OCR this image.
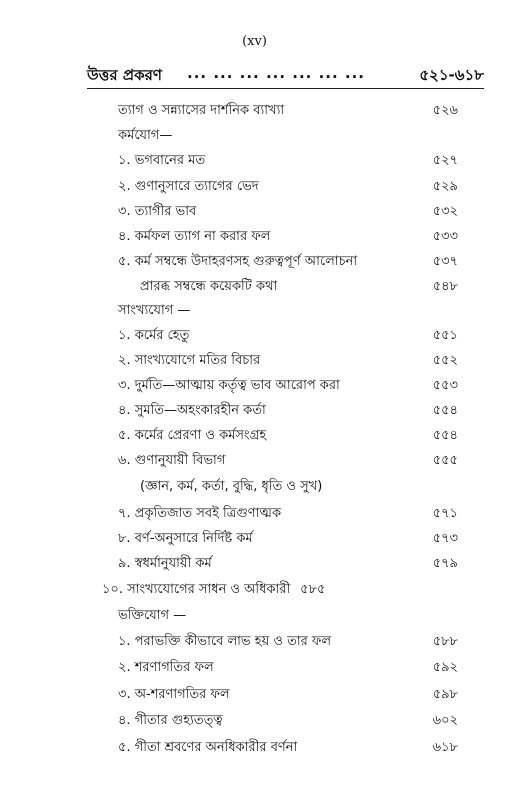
(xv)
উত্তর প্রকরণ ... ... ... ... ... ... ...	৫২১-৬১৮
ত্যাগ ও সন্ন্যাসের দার্শনিক ব্যাখ্যা	৫২৬
কর্মযোগ—
১. ভগবানের মত	৫২৭
২. গুণানুসারে ত্যাগের ভেদ	৫২৯
৩. ত্যাগীর ভাব	৫৩২
৪. কর্মফল ত্যাগ না করার ফল	৫৩৩
৫. কর্ম সম্বন্ধে উদাহরণসহ গুরুত্বপূর্ণ আলোচনা	৫৩৭
প্রারব্ধ সম্বন্ধে কয়েকটি কথা	৫৪৮
সাংখ্যযোগ —
১. কর্মের হেতু	৫৫১
২. সাংখ্যযোগে মতির বিচার	৫৫২
৩. দুর্মতি—আত্মায় কর্তৃত্ব ভাব আরোপ করা	৫৫৩
৪. সুমতি—অহংকারহীন কর্তা	৫৫৪
৫. কর্মের প্রেরণা ও কর্মসংগ্রহ	৫৫৪
৬. গুণানুযায়ী বিভাগ	৫৫৫
(জ্ঞান, কর্ম, কর্তা, বুদ্ধি, ধৃতি ও সুখ)
৭. প্রকৃতিজাত সবই ত্রিগুণাত্মক	৫৭১
৮. বর্ণ-অনুসারে নির্দিষ্ট কর্ম	৫৭৩
৯. স্বধর্মানুযায়ী কর্ম	৫৭৯
১০. সাংখ্যযোগের সাধন ও অধিকারী ৫৮৫
ভক্তিযোগ —
১. পরাভক্তি কীভাবে লাভ হয় ও তার ফল	৫৮৮
২. শরণাগতির ফল	৫৯২
৩. অ-শরণাগতির ফল	৫৯৮
৪. গীতার গুহ্যতত্ত্ব	৬০২
৫. গীতা শ্রবণের অনধিকারীর বর্ণনা	৬১৮
